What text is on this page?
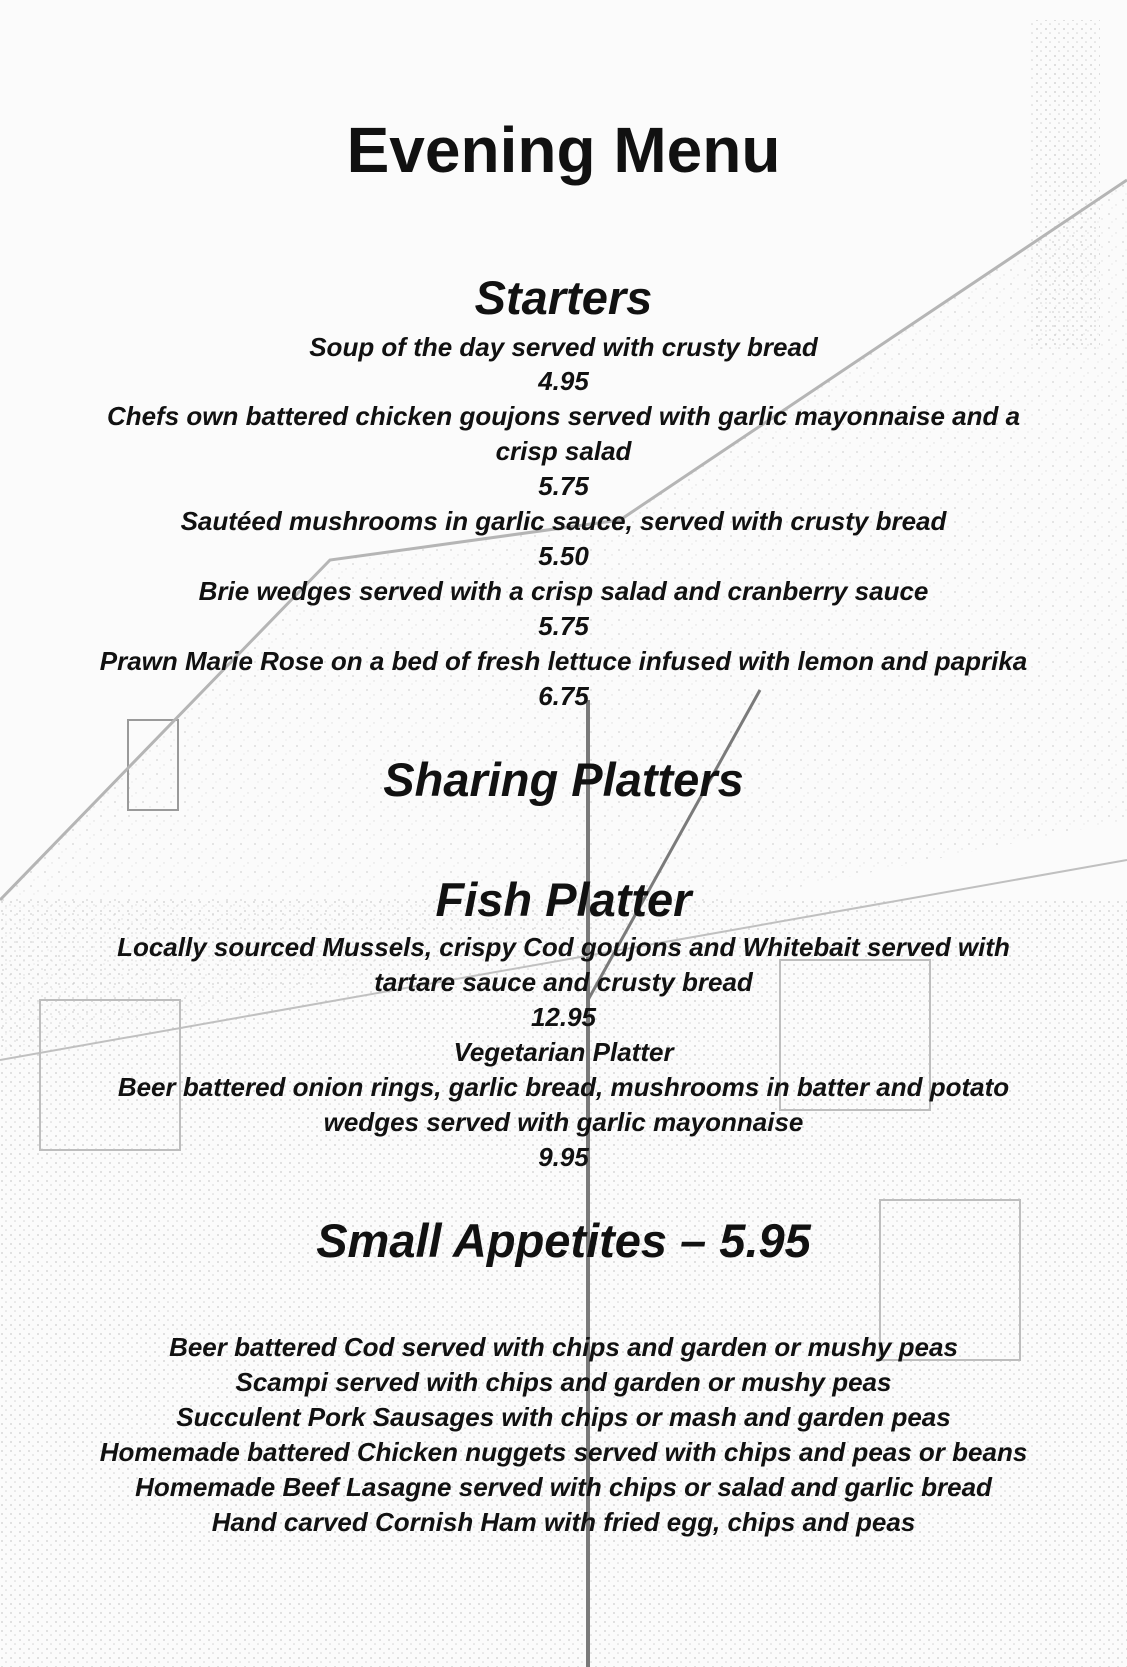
Evening Menu
Starters

Soup of the day served with crusty bread

4.95

Chefs own battered chicken goujons served with garlic mayonnaise and a

crisp salad

5.75

Sautéed mushrooms in garlic sauce, served with crusty bread

5.50

Brie wedges served with a crisp salad and cranberry sauce

5.75

Prawn Marie Rose on a bed of fresh lettuce infused with lemon and paprika

6.75

Sharing Platters
Fish Platter

Locally sourced Mussels, crispy Cod goujons and Whitebait served with

tartare sauce and crusty bread

12.95

Vegetarian Platter

Beer battered onion rings, garlic bread, mushrooms in batter and potato

wedges served with garlic mayonnaise

9.95

Small Appetites – 5.95

Beer battered Cod served with chips and garden or mushy peas

Scampi served with chips and garden or mushy peas

Succulent Pork Sausages with chips or mash and garden peas

Homemade battered Chicken nuggets served with chips and peas or beans

Homemade Beef Lasagne served with chips or salad and garlic bread

Hand carved Cornish Ham with fried egg, chips and peas
